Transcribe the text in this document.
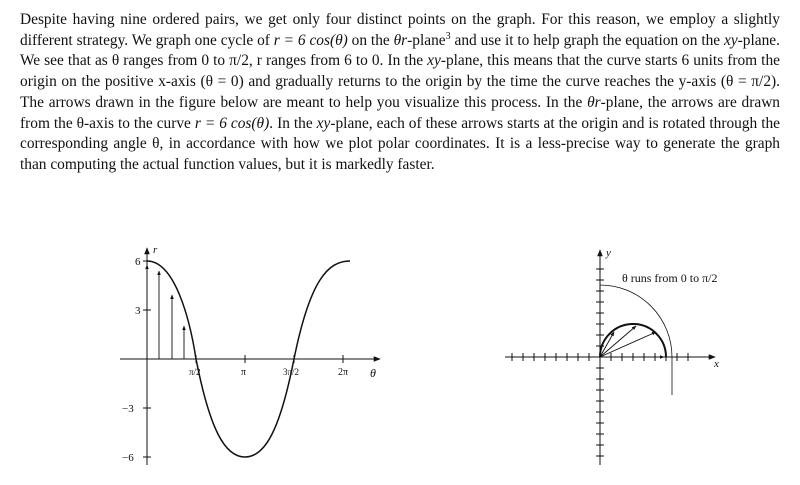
Despite having nine ordered pairs, we get only four distinct points on the graph. For this reason, we employ a slightly different strategy. We graph one cycle of r = 6 cos(θ) on the θr-plane$^3$ and use it to help graph the equation on the xy-plane. We see that as θ ranges from 0 to π/2, r ranges from 6 to 0. In the xy-plane, this means that the curve starts 6 units from the origin on the positive x-axis (θ = 0) and gradually returns to the origin by the time the curve reaches the y-axis (θ = π/2). The arrows drawn in the figure below are meant to help you visualize this process. In the θr-plane, the arrows are drawn from the θ-axis to the curve r = 6 cos(θ). In the xy-plane, each of these arrows starts at the origin and is rotated through the corresponding angle θ, in accordance with how we plot polar coordinates. It is a less-precise way to generate the graph than computing the actual function values, but it is markedly faster.

r
θ
6
3
−3
−6
π/2	π	3π/2	2π
y
x
θ runs from 0 to π/2
